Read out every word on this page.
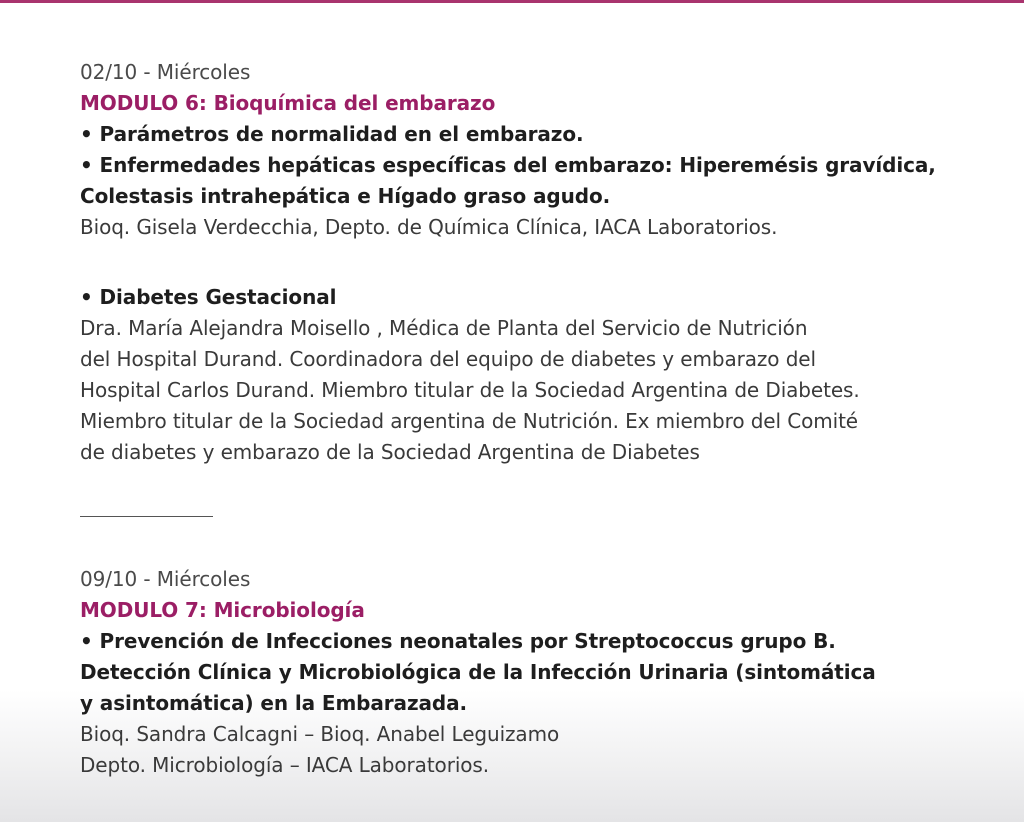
02/10 - Miércoles
MODULO 6: Bioquímica del embarazo
• Parámetros de normalidad en el embarazo.
• Enfermedades hepáticas específicas del embarazo: Hiperemésis gravídica,
Colestasis intrahepática e Hígado graso agudo.
Bioq. Gisela Verdecchia, Depto. de Química Clínica, IACA Laboratorios.
• Diabetes Gestacional
Dra. María Alejandra Moisello , Médica de Planta del Servicio de Nutrición
del Hospital Durand. Coordinadora del equipo de diabetes y embarazo del
Hospital Carlos Durand. Miembro titular de la Sociedad Argentina de Diabetes.
Miembro titular de la Sociedad argentina de Nutrición. Ex miembro del Comité
de diabetes y embarazo de la Sociedad Argentina de Diabetes
09/10 - Miércoles
MODULO 7: Microbiología
• Prevención de Infecciones neonatales por Streptococcus grupo B.
Detección Clínica y Microbiológica de la Infección Urinaria (sintomática
y asintomática) en la Embarazada.
Bioq. Sandra Calcagni – Bioq. Anabel Leguizamo
Depto. Microbiología – IACA Laboratorios.
